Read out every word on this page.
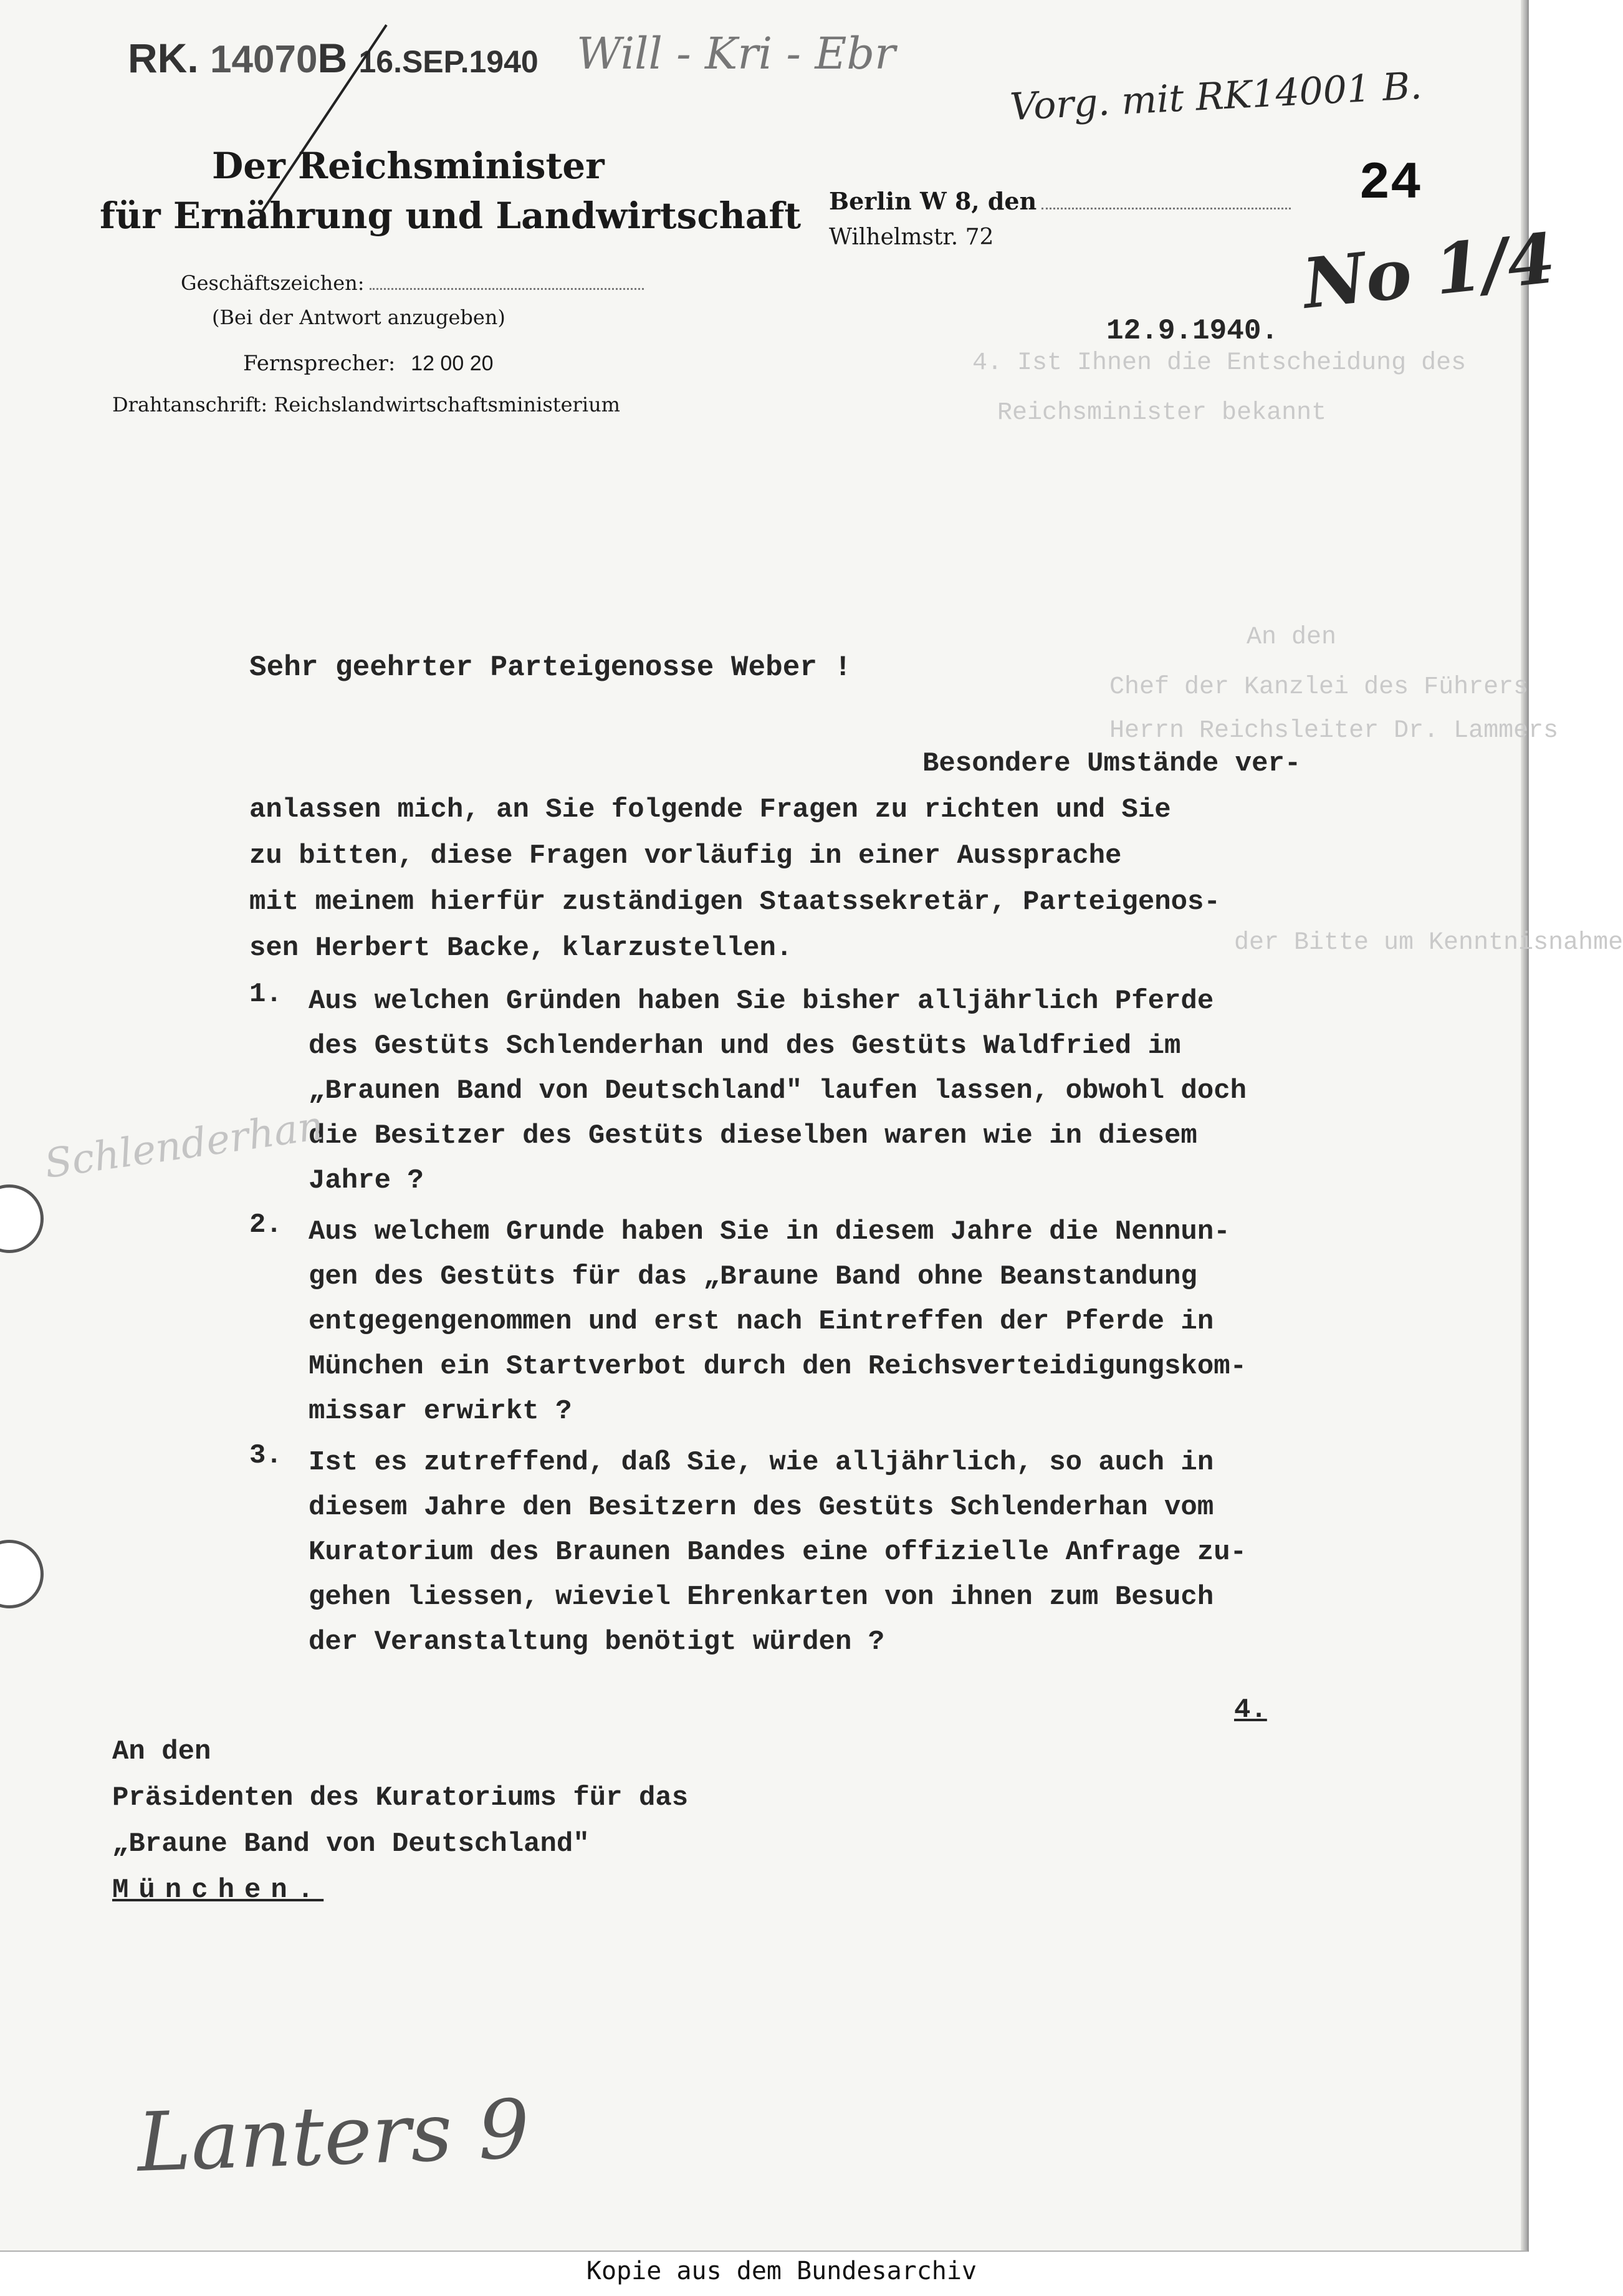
4. Ist Ihnen die Entscheidung des
Reichsminister bekannt
An den
Chef der Kanzlei des Führers
Herrn Reichsleiter Dr. Lammers
der Bitte um Kenntnisnahme
RK. 14070B 16.SEP.1940 Will - Kri - Ebr
Vorg. mit RK14001 B.
24
No 1/4
Der Reichsminister
für Ernährung und Landwirtschaft
Geschäftszeichen:
(Bei der Antwort anzugeben)
Fernsprecher: 12 00 20
Drahtanschrift: Reichslandwirtschaftsministerium
Berlin W 8, den
Wilhelmstr. 72
12.9.1940.
Sehr geehrter Parteigenosse Weber !
Besondere Umstände ver-
anlassen mich, an Sie folgende Fragen zu richten und Sie
zu bitten, diese Fragen vorläufig in einer Aussprache
mit meinem hierfür zuständigen Staatssekretär, Parteigenos-
sen Herbert Backe, klarzustellen.
1. Aus welchen Gründen haben Sie bisher alljährlich Pferde
des Gestüts Schlenderhan und des Gestüts Waldfried im
„Braunen Band von Deutschland" laufen lassen, obwohl doch
die Besitzer des Gestüts dieselben waren wie in diesem
Jahre ?
Schlenderhan
2. Aus welchem Grunde haben Sie in diesem Jahre die Nennun-
gen des Gestüts für das „Braune Band ohne Beanstandung
entgegengenommen und erst nach Eintreffen der Pferde in
München ein Startverbot durch den Reichsverteidigungskom-
missar erwirkt ?
3. Ist es zutreffend, daß Sie, wie alljährlich, so auch in
diesem Jahre den Besitzern des Gestüts Schlenderhan vom
Kuratorium des Braunen Bandes eine offizielle Anfrage zu-
gehen liessen, wieviel Ehrenkarten von ihnen zum Besuch
der Veranstaltung benötigt würden ?
4.
An den
Präsidenten des Kuratoriums für das
„Braune Band von Deutschland"
München.
Lanters 9
Kopie aus dem Bundesarchiv
